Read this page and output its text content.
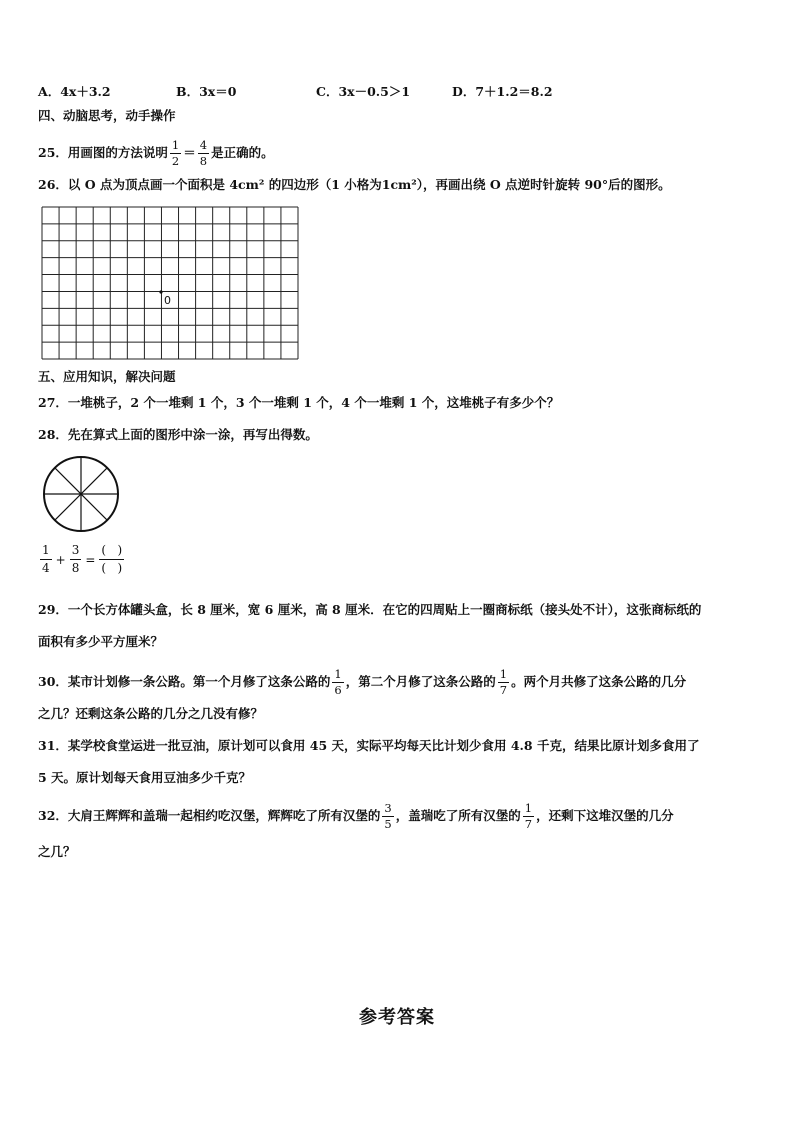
A．4x＋3.2	B．3x＝0	C．3x－0.5＞1	D．7＋1.2＝8.2
四、动脑思考，动手操作
25．用画图的方法说明 $\frac{1}{2} = \frac{4}{8}$ 是正确的。
26．以 O 点为顶点画一个面积是 4cm² 的四边形（1 小格为1cm²），再画出绕 O 点逆时针旋转 90°后的图形。
0
五、应用知识，解决问题
27．一堆桃子，2 个一堆剩 1 个，3 个一堆剩 1 个，4 个一堆剩 1 个，这堆桃子有多少个？
28．先在算式上面的图形中涂一涂，再写出得数。
$\frac{1}{4} + \frac{3}{8} = \frac{( )}{( )}$
29．一个长方体罐头盒，长 8 厘米，宽 6 厘米，高 8 厘米．在它的四周贴上一圈商标纸（接头处不计），这张商标纸的
面积有多少平方厘米？
30．某市计划修一条公路。第一个月修了这条公路的 $\frac{1}{6}$ ，第二个月修了这条公路的 $\frac{1}{7}$ 。两个月共修了这条公路的几分
之几？还剩这条公路的几分之几没有修？
31．某学校食堂运进一批豆油，原计划可以食用 45 天，实际平均每天比计划少食用 4.8 千克，结果比原计划多食用了
5 天。原计划每天食用豆油多少千克？
32．大肩王辉辉和盖瑞一起相约吃汉堡，辉辉吃了所有汉堡的 $\frac{3}{5}$ ，盖瑞吃了所有汉堡的 $\frac{1}{7}$ ，还剩下这堆汉堡的几分
之几？
参考答案
